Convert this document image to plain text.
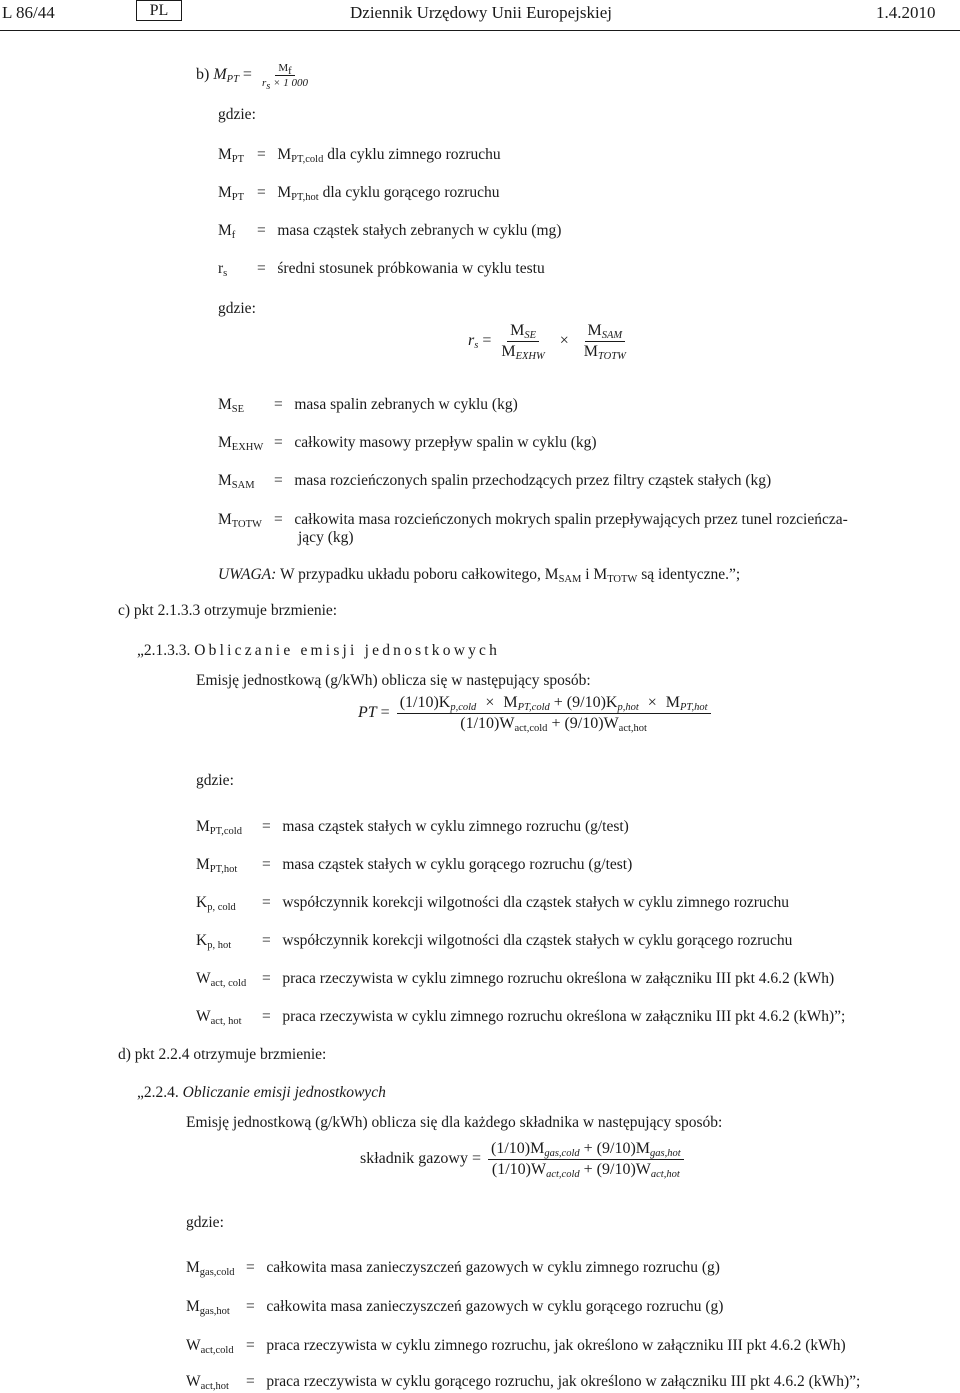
L 86/44	PL	Dziennik Urzędowy Unii Europejskiej	1.4.2010
b) $M_{PT} = \frac{M_f}{r_s \times 1 000}$
gdzie:
$M_{PT} = M_{PT,cold}$ dla cyklu zimnego rozruchu
$M_{PT} = M_{PT,hot}$ dla cyklu gorącego rozruchu
$M_f$ = masa cząstek stałych zebranych w cyklu (mg)
$r_s$ = średni stosunek próbkowania w cyklu testu
gdzie:
$r_s = \frac{M_{SE}}{M_{EXHW}} \times \frac{M_{SAM}}{M_{TOTW}}$
$M_{SE}$ = masa spalin zebranych w cyklu (kg)
$M_{EXHW}$ = całkowity masowy przepływ spalin w cyklu (kg)
$M_{SAM}$ = masa rozcieńczonych spalin przechodzących przez filtry cząstek stałych (kg)
$M_{TOTW}$ = całkowita masa rozcieńczonych mokrych spalin przepływających przez tunel rozcieńcza-
jący (kg)
UWAGA: W przypadku układu poboru całkowitego, $M_{SAM}$ i $M_{TOTW}$ są identyczne.”;
c) pkt 2.1.3.3 otrzymuje brzmienie:
„2.1.3.3. Obliczanie emisji jednostkowych
Emisję jednostkową (g/kWh) oblicza się w następujący sposób:
PT =
$(1/10)K_{p,cold} \times M_{PT,cold} + (9/10)K_{p,hot} \times M_{PT,hot}$
$(1/10)W_{act,cold} + (9/10)W_{act,hot}$
gdzie:
$M_{PT,cold}$ = masa cząstek stałych w cyklu zimnego rozruchu (g/test)
$M_{PT,hot}$ = masa cząstek stałych w cyklu gorącego rozruchu (g/test)
$K_{p, cold}$ = współczynnik korekcji wilgotności dla cząstek stałych w cyklu zimnego rozruchu
$K_{p, hot}$ = współczynnik korekcji wilgotności dla cząstek stałych w cyklu gorącego rozruchu
$W_{act, cold}$ = praca rzeczywista w cyklu zimnego rozruchu określona w załączniku III pkt 4.6.2 (kWh)
$W_{act, hot}$ = praca rzeczywista w cyklu zimnego rozruchu określona w załączniku III pkt 4.6.2 (kWh)”;
d) pkt 2.2.4 otrzymuje brzmienie:
„2.2.4. Obliczanie emisji jednostkowych
Emisję jednostkową (g/kWh) oblicza się dla każdego składnika w następujący sposób:
składnik gazowy = $\frac{(1/10)M_{gas,cold} + (9/10)M_{gas,hot}}{(1/10)W_{act,cold} + (9/10)W_{act,hot}}$
gdzie:
$M_{gas,cold}$ = całkowita masa zanieczyszczeń gazowych w cyklu zimnego rozruchu (g)
$M_{gas,hot}$ = całkowita masa zanieczyszczeń gazowych w cyklu gorącego rozruchu (g)
$W_{act,cold}$ = praca rzeczywista w cyklu zimnego rozruchu, jak określono w załączniku III pkt 4.6.2 (kWh)
$W_{act,hot}$ = praca rzeczywista w cyklu gorącego rozruchu, jak określono w załączniku III pkt 4.6.2 (kWh)”;
